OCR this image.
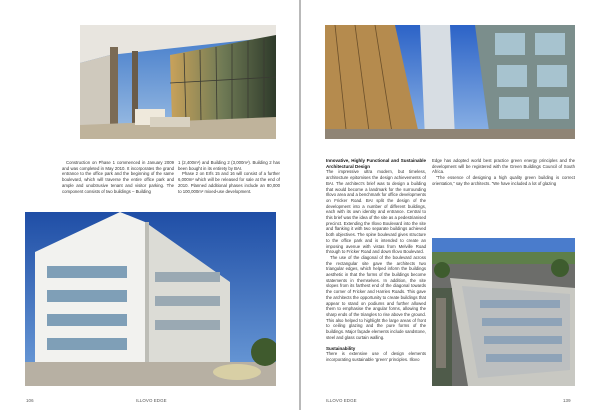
Construction on Phase 1 commenced in January 2009 and was completed in May 2010. It incorporates the grand entrance to the office park and the beginning of the same boulevard, which will traverse the entire office park and ample and unobtrusive tenant and visitor parking. The component consists of two buildings – Building

1 (2,400m²) and Building 2 (3,000m²). Building 2 has been bought in its entirety by BAI.

Phase 2 on Erfs 15 and 16 will consist of a further 6,000m² which will be released for sale at the end of 2010. Planned additional phases include an 80,000 to 100,000m² mixed-use development.

106	ILLOVO EDGE
Innovative, Highly Functional and Sustainable Architectural Design

The impressive ultra modern, but timeless, architecture epitomises the design achievements of BAI. The architect’s brief was to design a building that would become a landmark for the surrounding Illovo area and a benchmark for office developments on Fricker Road. BAI split the design of the development into a number of different buildings, each with its own identity and entrance. Central to this brief was the idea of the site as a pedestrianised precinct. Extending the Illovo Boulevard into the site and flanking it with two separate buildings achieved both objectives. The spine boulevard gives structure to the office park and is intended to create an imposing avenue with vistas from Melville Road through to Fricker Road and down Illovo Boulevard.

The use of the diagonal of the boulevard across the rectangular site gave the architects two triangular edges, which helped inform the buildings aesthetic in that the forms of the buildings become statements in themselves. In addition, the site slopes from its farthest end of the diagonal towards the corner of Fricker and Harries Roads. This gave the architects the opportunity to create buildings that appear to stand on podiums and further allowed them to emphasise the angular forms, allowing the sharp ends of the triangles to rise above the ground. This also helped to highlight the large areas of front to ceiling glazing and the pure forms of the buildings. Major façade elements include sandstone, steel and glass curtain walling.

Sustainability

There is extensive use of design elements incorporating sustainable ‘green’ principles. Illovo

Edge has adopted world best practice green energy principles and the development will be registered with the Green Buildings Council of South Africa.

“The essence of designing a high quality green building is correct orientation,” say the architects. “We have included a lot of glazing

ILLOVO EDGE	139
